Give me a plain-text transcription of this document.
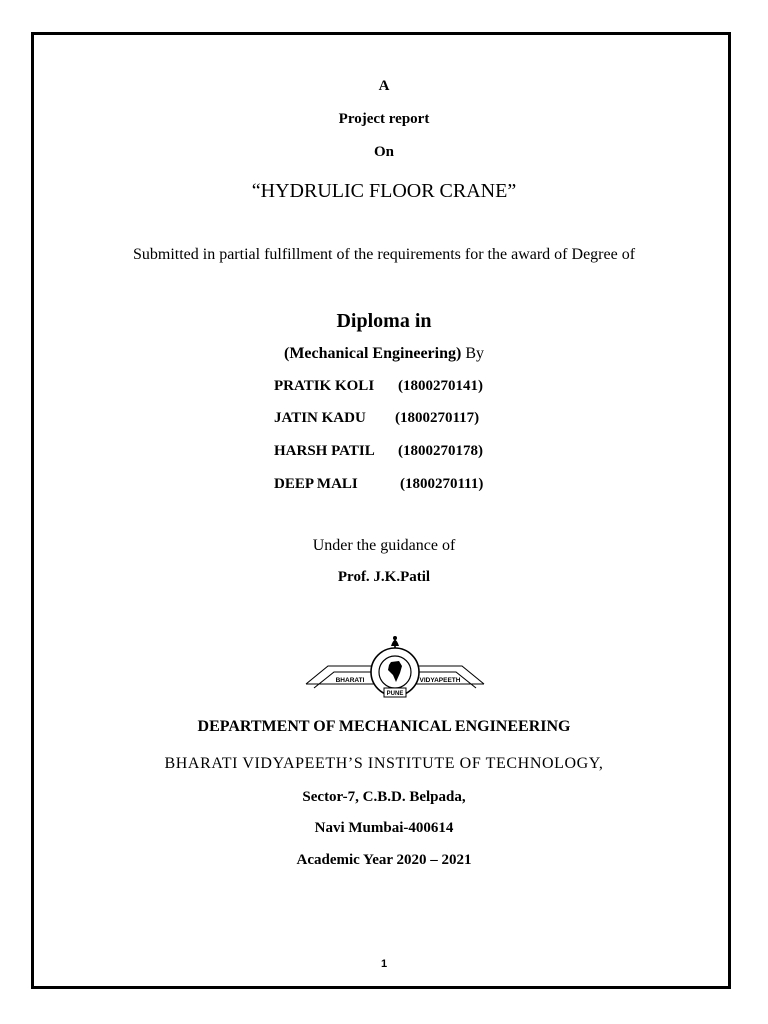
A
Project report
On
“HYDRULIC FLOOR CRANE”
Submitted in partial fulfillment of the requirements for the award of Degree of
Diploma in
(Mechanical Engineering) By
PRATIK KOLI (1800270141)
JATIN KADU (1800270117)
HARSH PATIL (1800270178)
DEEP MALI	(1800270111)
Under the guidance of
Prof. J.K.Patil
BHARATI	VIDYAPEETH
PUNE
DEPARTMENT OF MECHANICAL ENGINEERING
BHARATI VIDYAPEETH’S INSTITUTE OF TECHNOLOGY,
Sector-7, C.B.D. Belpada,
Navi Mumbai-400614
Academic Year 2020 – 2021
1
